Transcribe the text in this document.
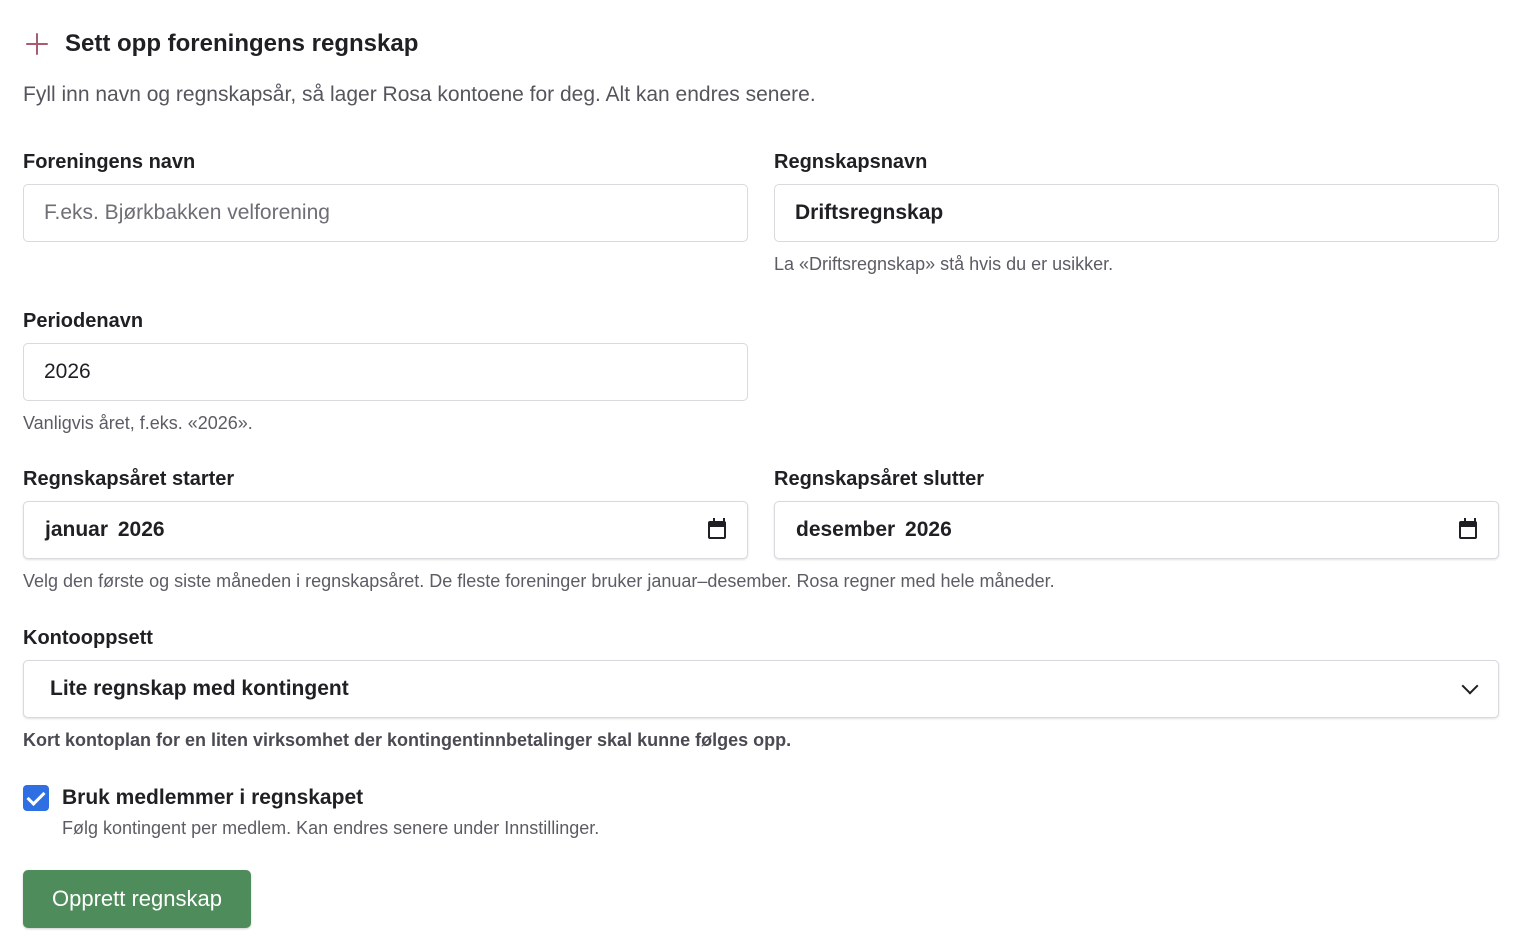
Sett opp foreningens regnskap

Fyll inn navn og regnskapsår, så lager Rosa kontoene for deg. Alt kan endres senere.

Foreningens navn
F.eks. Bjørkbakken velforening	Regnskapsnavn
Driftsregnskap

La «Driftsregnskap» stå hvis du er usikker.

Periodenavn
2026

Vanligvis året, f.eks. «2026».

Regnskapsåret starter
januar 2026
Regnskapsåret slutter
desember 2026

Velg den første og siste måneden i regnskapsåret. De fleste foreninger bruker januar–desember. Rosa regner med hele måneder.

Kontooppsett
Lite regnskap med kontingent

Kort kontoplan for en liten virksomhet der kontingentinnbetalinger skal kunne følges opp.

Bruk medlemmer i regnskapet

Følg kontingent per medlem. Kan endres senere under Innstillinger.

Opprett regnskap
